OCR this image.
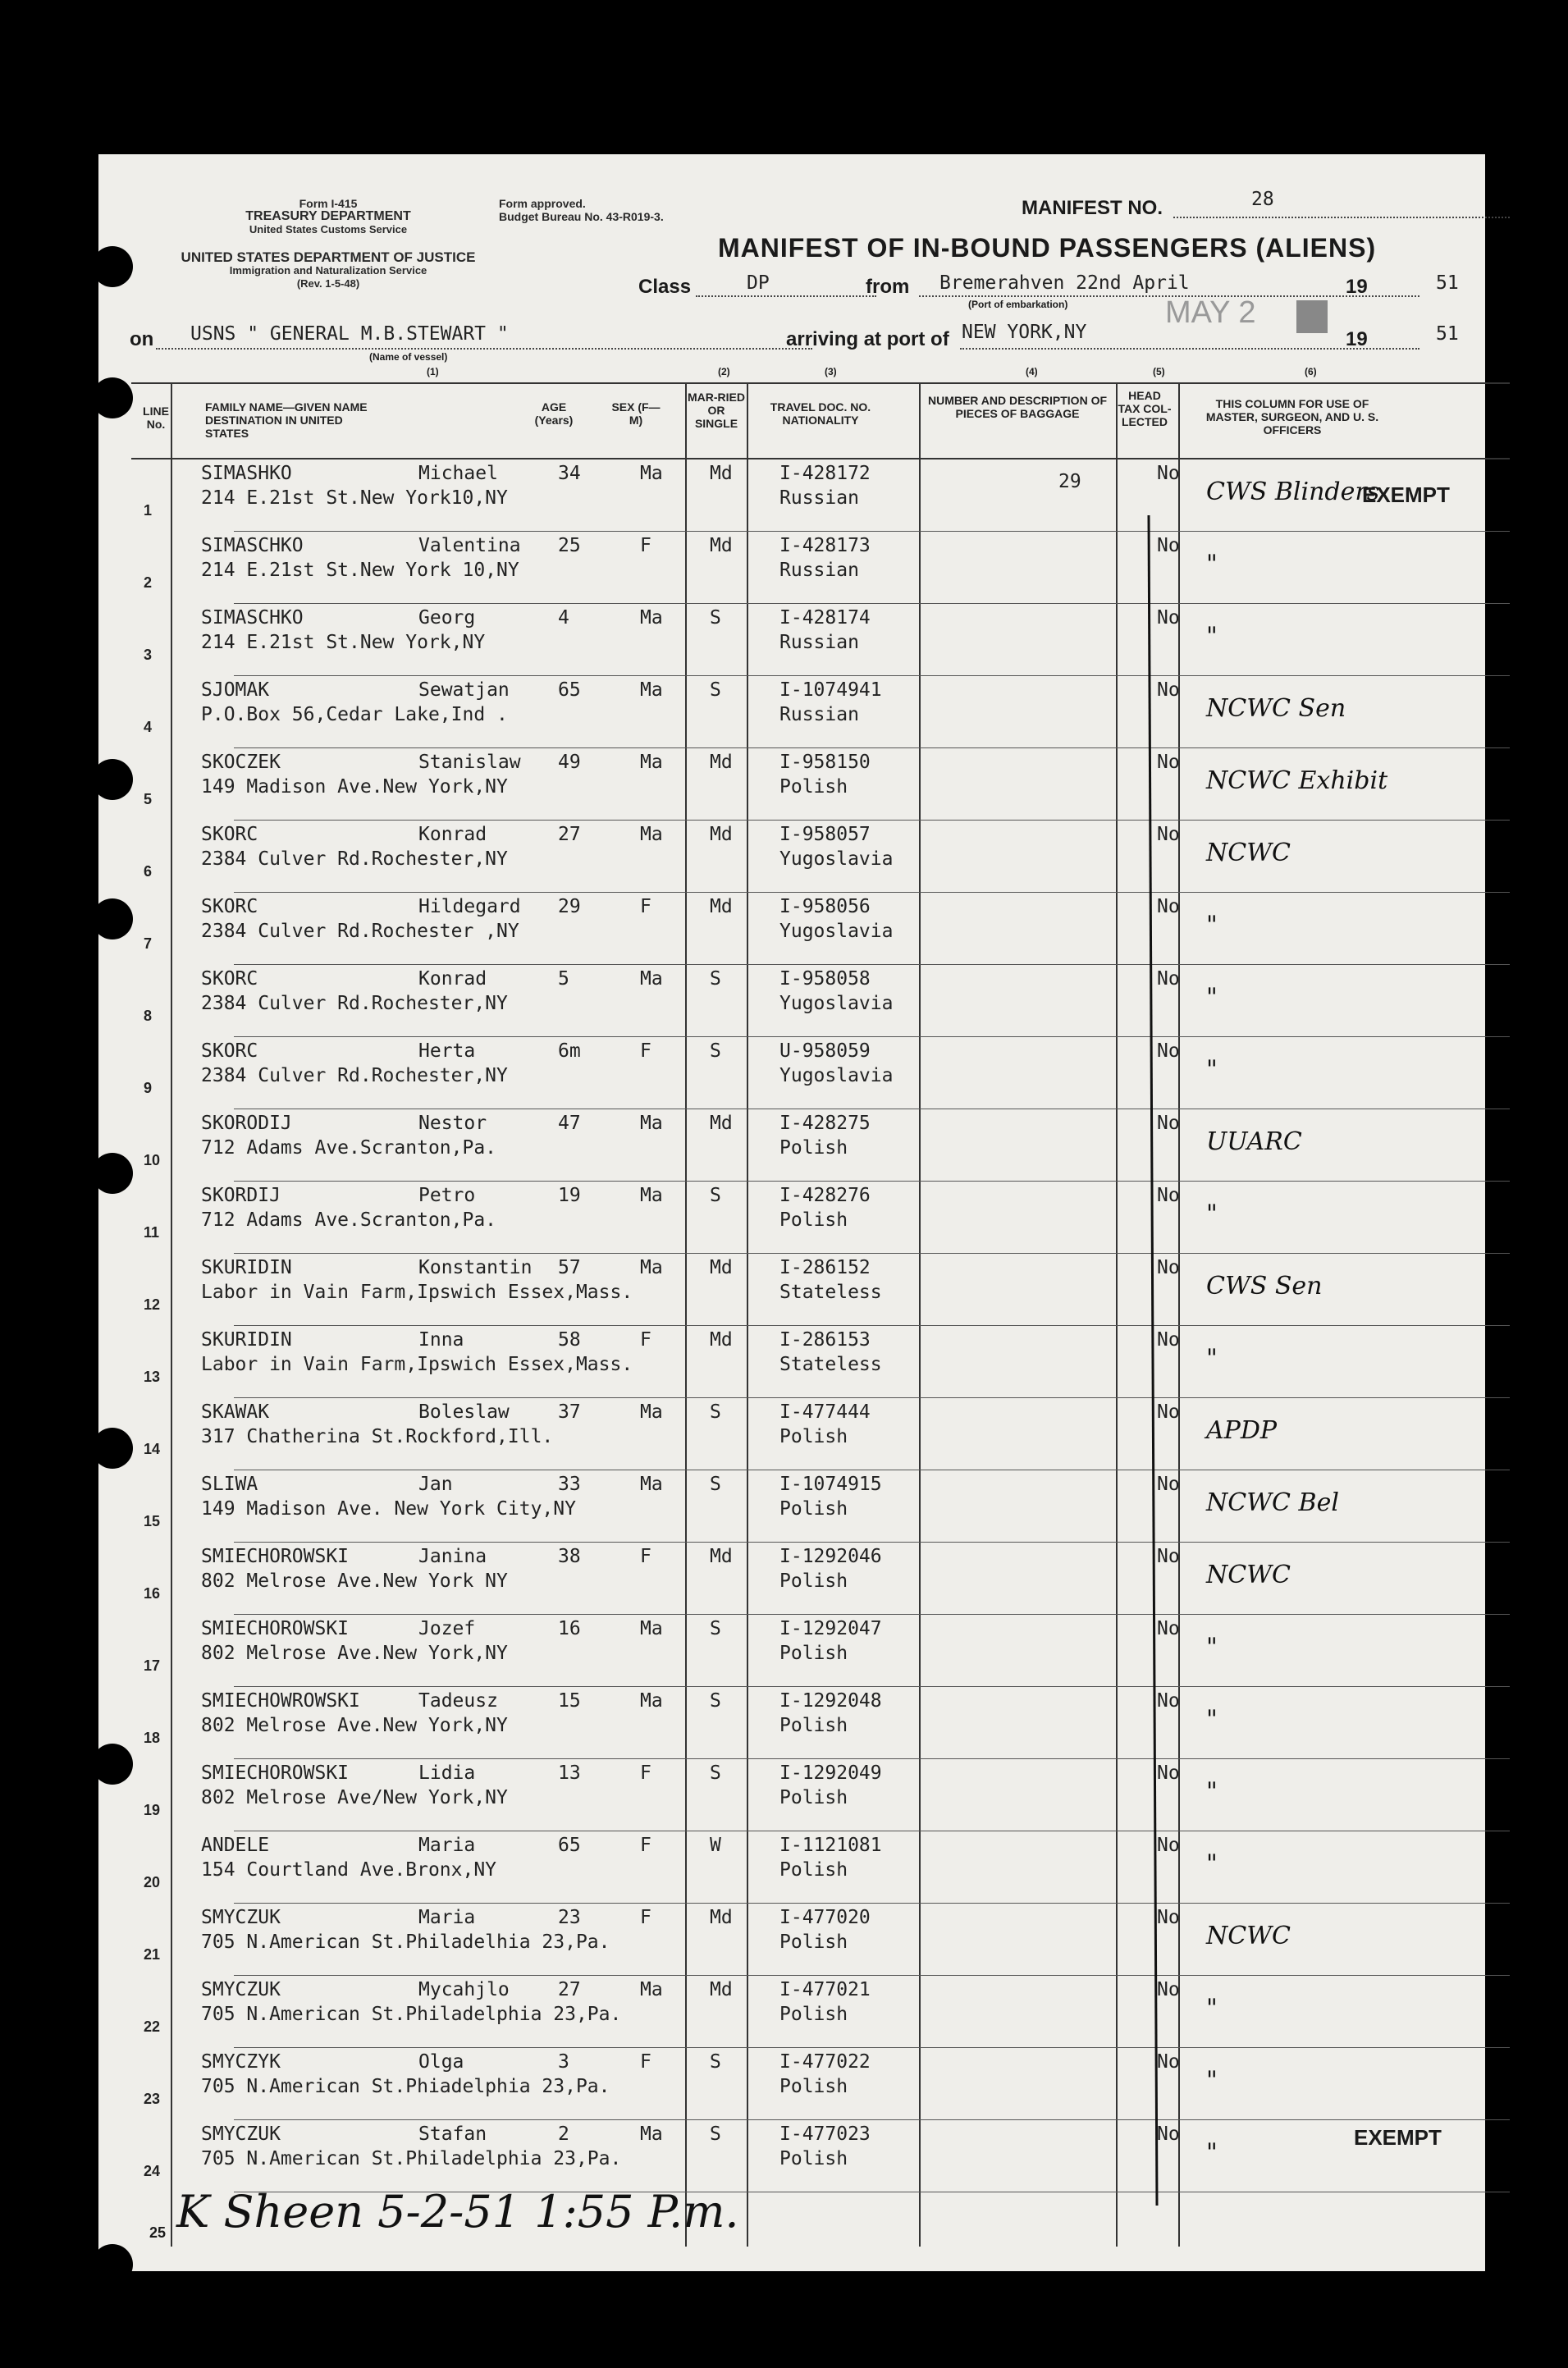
Form I-415
TREASURY DEPARTMENT
United States Customs Service
UNITED STATES DEPARTMENT OF JUSTICE
Immigration and Naturalization Service
(Rev. 1-5-48)
Form approved.
Budget Bureau No. 43-R019-3.	MANIFEST NO.	28
MANIFEST OF IN-BOUND PASSENGERS (ALIENS)
Class	DP	from Bremerahven 22nd April	19	51
(Port of embarkation)
on USNS " GENERAL M.B.STEWART "
(Name of vessel)
arriving at port of NEW YORK,NY
MAY 2
19	51
(1)	(2)	(3)	(4)	(5)	(6)
LINE No.
FAMILY NAME—GIVEN NAME
DESTINATION IN UNITED STATES
AGE (Years)
SEX (F—M)
MAR-RIED OR SINGLE
TRAVEL DOC. NO. NATIONALITY
NUMBER AND DESCRIPTION OF PIECES OF BAGGAGE
HEAD TAX COL-LECTED
THIS COLUMN FOR USE OF MASTER, SURGEON, AND U. S. OFFICERS
1
SIMASHKO	Michael	34	Ma Md I-428172
214 E.21st St.New York10,NY	Russian
29	No
CWS Blinders
2
SIMASCHKO	Valentina 25	F	Md I-428173
214 E.21st St.New York 10,NY	Russian
No
"
3
SIMASCHKO	Georg	4	Ma S	I-428174
214 E.21st St.New York,NY	Russian
No
"
4
SJOMAK	Sewatjan	65	Ma S	I-1074941
P.O.Box 56,Cedar Lake,Ind .	Russian
No
NCWC Sen
5
SKOCZEK	Stanislaw 49	Ma Md I-958150
149 Madison Ave.New York,NY	Polish
No
NCWC Exhibit
6
SKORC	Konrad	27	Ma Md I-958057
2384 Culver Rd.Rochester,NY	Yugoslavia
No
NCWC
7
SKORC	Hildegard 29	F	Md I-958056
2384 Culver Rd.Rochester ,NY	Yugoslavia
No
"
8
SKORC	Konrad	5	Ma S	I-958058
2384 Culver Rd.Rochester,NY	Yugoslavia
No
"
9
SKORC	Herta	6m	F	S	U-958059
2384 Culver Rd.Rochester,NY	Yugoslavia
No
"
10
SKORODIJ	Nestor	47	Ma Md I-428275
712 Adams Ave.Scranton,Pa.	Polish
No
UUARC
11
SKORDIJ	Petro	19	Ma S	I-428276
712 Adams Ave.Scranton,Pa.	Polish
No
"
12
SKURIDIN	Konstantin 57	Ma Md I-286152
Labor in Vain Farm,Ipswich Essex,Mass.	Stateless
No
CWS Sen
13
SKURIDIN	Inna	58	F	Md I-286153
Labor in Vain Farm,Ipswich Essex,Mass.	Stateless
No
"
14
SKAWAK	Boleslaw	37	Ma S	I-477444
317 Chatherina St.Rockford,Ill.	Polish
No
APDP
15
SLIWA	Jan	33	Ma S	I-1074915
149 Madison Ave. New York City,NY	Polish
No
NCWC Bel
16
SMIECHOROWSKI	Janina	38	F	Md I-1292046
802 Melrose Ave.New York NY	Polish
No
NCWC
17
SMIECHOROWSKI	Jozef	16	Ma S	I-1292047
802 Melrose Ave.New York,NY	Polish
No
"
18
SMIECHOWROWSKI	Tadeusz	15	Ma S	I-1292048
802 Melrose Ave.New York,NY	Polish
No
"
19
SMIECHOROWSKI	Lidia	13	F	S	I-1292049
802 Melrose Ave/New York,NY	Polish
No
"
20
ANDELE	Maria	65	F	W	I-1121081
154 Courtland Ave.Bronx,NY	Polish
No
"
21
SMYCZUK	Maria	23	F	Md I-477020
705 N.American St.Philadelhia 23,Pa.	Polish
No
NCWC
22
SMYCZUK	Mycahjlo	27	Ma Md I-477021
705 N.American St.Philadelphia 23,Pa.	Polish
No
"
23
SMYCZYK	Olga	3	F	S	I-477022
705 N.American St.Phiadelphia 23,Pa.	Polish
No
"
24
SMYCZUK	Stafan	2	Ma S	I-477023
705 N.American St.Philadelphia 23,Pa.	Polish
No
"
25
EXEMPT
EXEMPT
K Sheen 5-2-51 1:55 P.m.
